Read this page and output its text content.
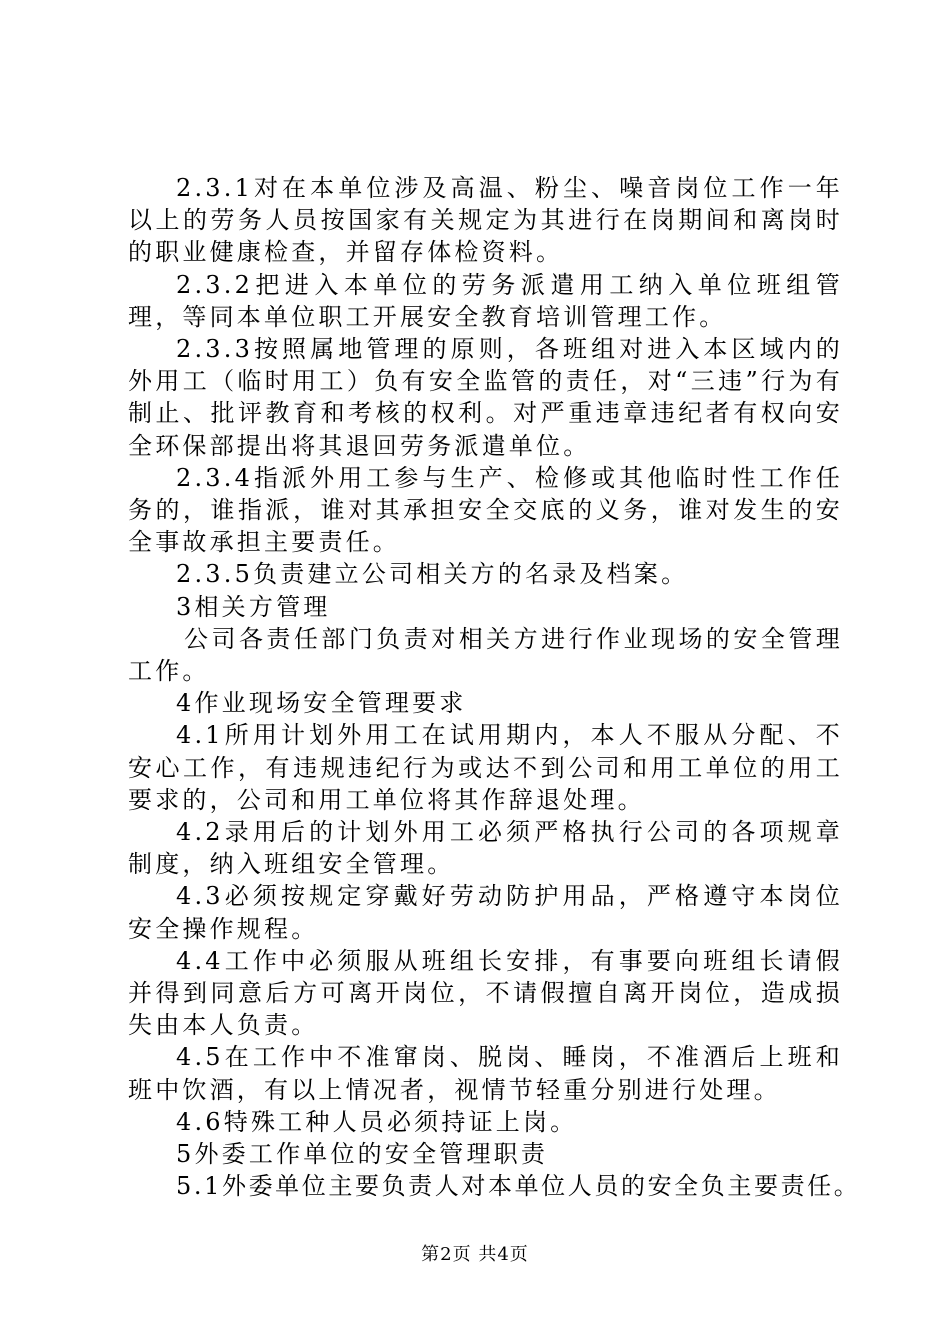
2.3.1对在本单位涉及高温、粉尘、噪音岗位工作一年以上的劳务人员按国家有关规定为其进行在岗期间和离岗时的职业健康检查，并留存体检资料。

2.3.2把进入本单位的劳务派遣用工纳入单位班组管理，等同本单位职工开展安全教育培训管理工作。

2.3.3按照属地管理的原则，各班组对进入本区域内的外用工（临时用工）负有安全监管的责任，对“三违”行为有制止、批评教育和考核的权利。对严重违章违纪者有权向安全环保部提出将其退回劳务派遣单位。

2.3.4指派外用工参与生产、检修或其他临时性工作任务的，谁指派，谁对其承担安全交底的义务，谁对发生的安全事故承担主要责任。

2.3.5负责建立公司相关方的名录及档案。

3相关方管理

公司各责任部门负责对相关方进行作业现场的安全管理工作。

4作业现场安全管理要求

4.1所用计划外用工在试用期内，本人不服从分配、不安心工作，有违规违纪行为或达不到公司和用工单位的用工要求的，公司和用工单位将其作辞退处理。

4.2录用后的计划外用工必须严格执行公司的各项规章制度，纳入班组安全管理。

4.3必须按规定穿戴好劳动防护用品，严格遵守本岗位安全操作规程。

4.4工作中必须服从班组长安排，有事要向班组长请假并得到同意后方可离开岗位，不请假擅自离开岗位，造成损失由本人负责。

4.5在工作中不准窜岗、脱岗、睡岗，不准酒后上班和班中饮酒，有以上情况者，视情节轻重分别进行处理。

4.6特殊工种人员必须持证上岗。

5外委工作单位的安全管理职责

5.1外委单位主要负责人对本单位人员的安全负主要责任。

第2页 共4页
